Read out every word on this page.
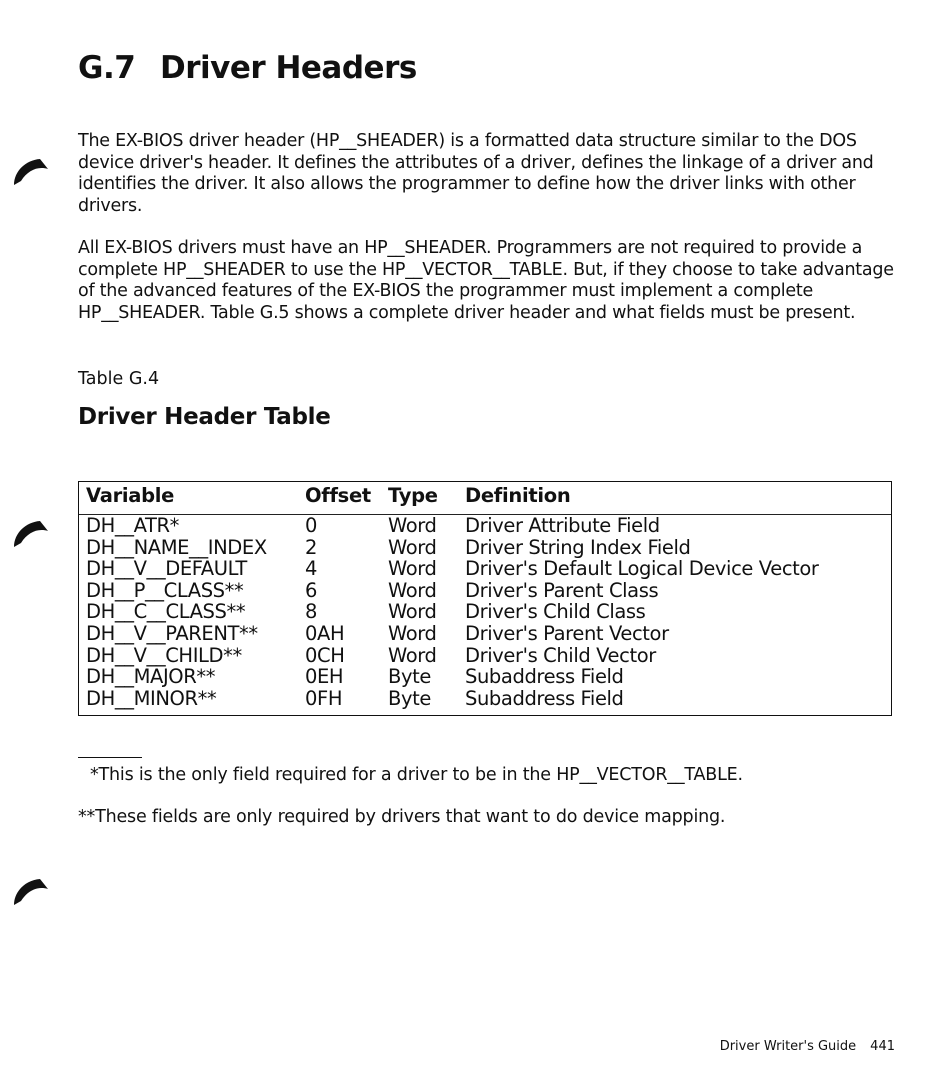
G.7 Driver Headers

The EX-BIOS driver header (HP__SHEADER) is a formatted data structure similar to the DOS device driver's header. It defines the attributes of a driver, defines the linkage of a driver and identifies the driver. It also allows the programmer to define how the driver links with other drivers.

All EX-BIOS drivers must have an HP__SHEADER. Programmers are not required to provide a complete HP__SHEADER to use the HP__VECTOR__TABLE. But, if they choose to take advantage of the advanced features of the EX-BIOS the programmer must implement a complete HP__SHEADER. Table G.5 shows a complete driver header and what fields must be present.

Table G.4

Driver Header Table
Variable	Offset Type Definition
DH__ATR*	0	Word Driver Attribute Field
DH__NAME__INDEX 2	Word Driver String Index Field
DH__V__DEFAULT	4	Word Driver's Default Logical Device Vector
DH__P__CLASS**	6	Word Driver's Parent Class
DH__C__CLASS**	8	Word Driver's Child Class
DH__V__PARENT** 0AH Word Driver's Parent Vector
DH__V__CHILD**	0CH Word Driver's Child Vector
DH__MAJOR**	0EH Byte Subaddress Field
DH__MINOR**	0FH Byte Subaddress Field

*This is the only field required for a driver to be in the HP__VECTOR__TABLE.

**These fields are only required by drivers that want to do device mapping.

Driver Writer's Guide 441
